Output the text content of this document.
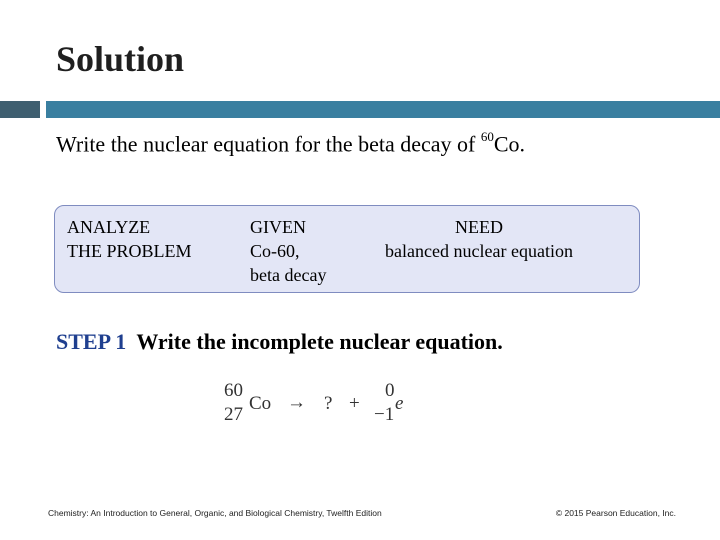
Solution
Write the nuclear equation for the beta decay of $^{60}$Co.
ANALYZE
THE PROBLEM
GIVEN
Co-60,
beta decay
NEED
balanced nuclear equation
STEP 1 Write the incomplete nuclear equation.
60
27
Co → ? +
0
−1
e
Chemistry: An Introduction to General, Organic, and Biological Chemistry, Twelfth Edition	© 2015 Pearson Education, Inc.
